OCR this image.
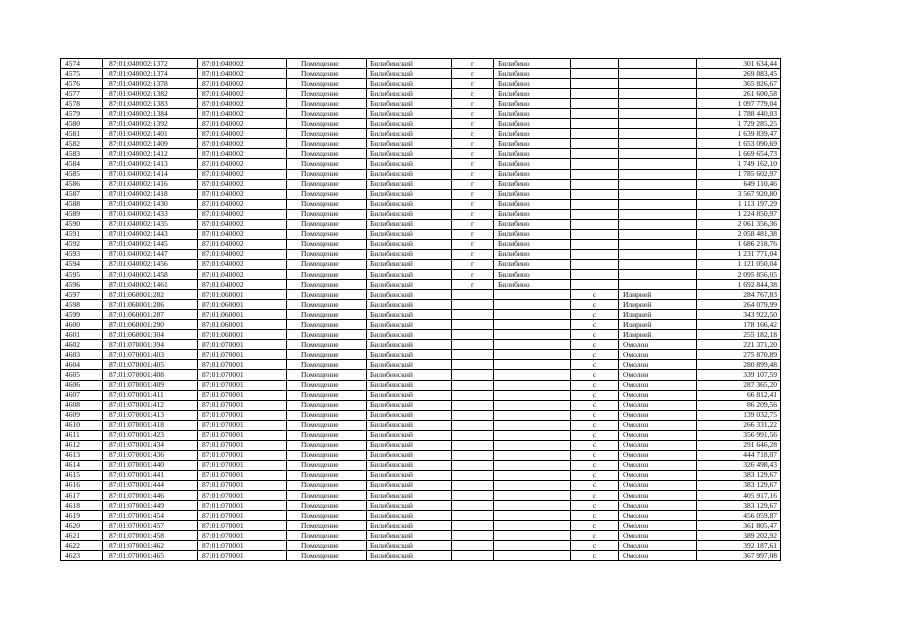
4574	87:01:040002:1372	87:01:040002	Помещение	Билибинский	г	Билибино			301 634,44
4575	87:01:040002:1374	87:01:040002	Помещение	Билибинский	г	Билибино			269 883,45
4576	87:01:040002:1378	87:01:040002	Помещение	Билибинский	г	Билибино			365 826,67
4577	87:01:040002:1382	87:01:040002	Помещение	Билибинский	г	Билибино			261 600,58
4578	87:01:040002:1383	87:01:040002	Помещение	Билибинский	г	Билибино			1 097 779,04
4579	87:01:040002:1384	87:01:040002	Помещение	Билибинский	г	Билибино			1 788 440,03
4580	87:01:040002:1392	87:01:040002	Помещение	Билибинский	г	Билибино			1 729 285,25
4581	87:01:040002:1401	87:01:040002	Помещение	Билибинский	г	Билибино			1 639 839,47
4582	87:01:040002:1409	87:01:040002	Помещение	Билибинский	г	Билибино			1 653 090,69
4583	87:01:040002:1412	87:01:040002	Помещение	Билибинский	г	Билибино			1 669 654,73
4584	87:01:040002:1413	87:01:040002	Помещение	Билибинский	г	Билибино			1 749 162,10
4585	87:01:040002:1414	87:01:040002	Помещение	Билибинский	г	Билибино			1 785 602,97
4586	87:01:040002:1416	87:01:040002	Помещение	Билибинский	г	Билибино			649 110,46
4587	87:01:040002:1418	87:01:040002	Помещение	Билибинский	г	Билибино			3 567 920,80
4588	87:01:040002:1430	87:01:040002	Помещение	Билибинский	г	Билибино			1 113 197,29
4589	87:01:040002:1433	87:01:040002	Помещение	Билибинский	г	Билибино			1 224 850,97
4590	87:01:040002:1435	87:01:040002	Помещение	Билибинский	г	Билибино			2 061 356,36
4591	87:01:040002:1443	87:01:040002	Помещение	Билибинский	г	Билибино			2 058 481,38
4592	87:01:040002:1445	87:01:040002	Помещение	Билибинский	г	Билибино			1 686 218,76
4593	87:01:040002:1447	87:01:040002	Помещение	Билибинский	г	Билибино			1 231 771,04
4594	87:01:040002:1456	87:01:040002	Помещение	Билибинский	г	Билибино			1 121 050,04
4595	87:01:040002:1458	87:01:040002	Помещение	Билибинский	г	Билибино			2 095 856,05
4596	87:01:040002:1461	87:01:040002	Помещение	Билибинский	г	Билибино			1 692 844,38
4597	87:01:060001:282	87:01:060001	Помещение	Билибинский			с	Илирней	284 767,83
4598	87:01:060001:286	87:01:060001	Помещение	Билибинский			с	Илирней	264 079,99
4599	87:01:060001:287	87:01:060001	Помещение	Билибинский			с	Илирней	343 922,50
4600	87:01:060001:290	87:01:060001	Помещение	Билибинский			с	Илирней	178 166,42
4601	87:01:060001:304	87:01:060001	Помещение	Билибинский			с	Илирней	255 182,18
4602	87:01:070001:394	87:01:070001	Помещение	Билибинский			с	Омолон	221 371,20
4603	87:01:070001:403	87:01:070001	Помещение	Билибинский			с	Омолон	275 870,89
4604	87:01:070001:405	87:01:070001	Помещение	Билибинский			с	Омолон	280 899,48
4605	87:01:070001:408	87:01:070001	Помещение	Билибинский			с	Омолон	339 107,59
4606	87:01:070001:409	87:01:070001	Помещение	Билибинский			с	Омолон	287 365,20
4607	87:01:070001:411	87:01:070001	Помещение	Билибинский			с	Омолон	66 812,41
4608	87:01:070001:412	87:01:070001	Помещение	Билибинский			с	Омолон	86 209,56
4609	87:01:070001:413	87:01:070001	Помещение	Билибинский			с	Омолон	139 032,75
4610	87:01:070001:418	87:01:070001	Помещение	Билибинский			с	Омолон	266 331,22
4611	87:01:070001:423	87:01:070001	Помещение	Билибинский			с	Омолон	356 991,56
4612	87:01:070001:434	87:01:070001	Помещение	Билибинский			с	Омолон	291 646,28
4613	87:01:070001:436	87:01:070001	Помещение	Билибинский			с	Омолон	444 718,07
4614	87:01:070001:440	87:01:070001	Помещение	Билибинский			с	Омолон	326 498,43
4615	87:01:070001:441	87:01:070001	Помещение	Билибинский			с	Омолон	383 129,67
4616	87:01:070001:444	87:01:070001	Помещение	Билибинский			с	Омолон	383 129,67
4617	87:01:070001:446	87:01:070001	Помещение	Билибинский			с	Омолон	405 917,16
4618	87:01:070001:449	87:01:070001	Помещение	Билибинский			с	Омолон	383 129,67
4619	87:01:070001:454	87:01:070001	Помещение	Билибинский			с	Омолон	456 059,87
4620	87:01:070001:457	87:01:070001	Помещение	Билибинский			с	Омолон	361 805,47
4621	87:01:070001:458	87:01:070001	Помещение	Билибинский			с	Омолон	389 202,92
4622	87:01:070001:462	87:01:070001	Помещение	Билибинский			с	Омолон	392 187,61
4623	87:01:070001:465	87:01:070001	Помещение	Билибинский			с	Омолон	367 997,08
